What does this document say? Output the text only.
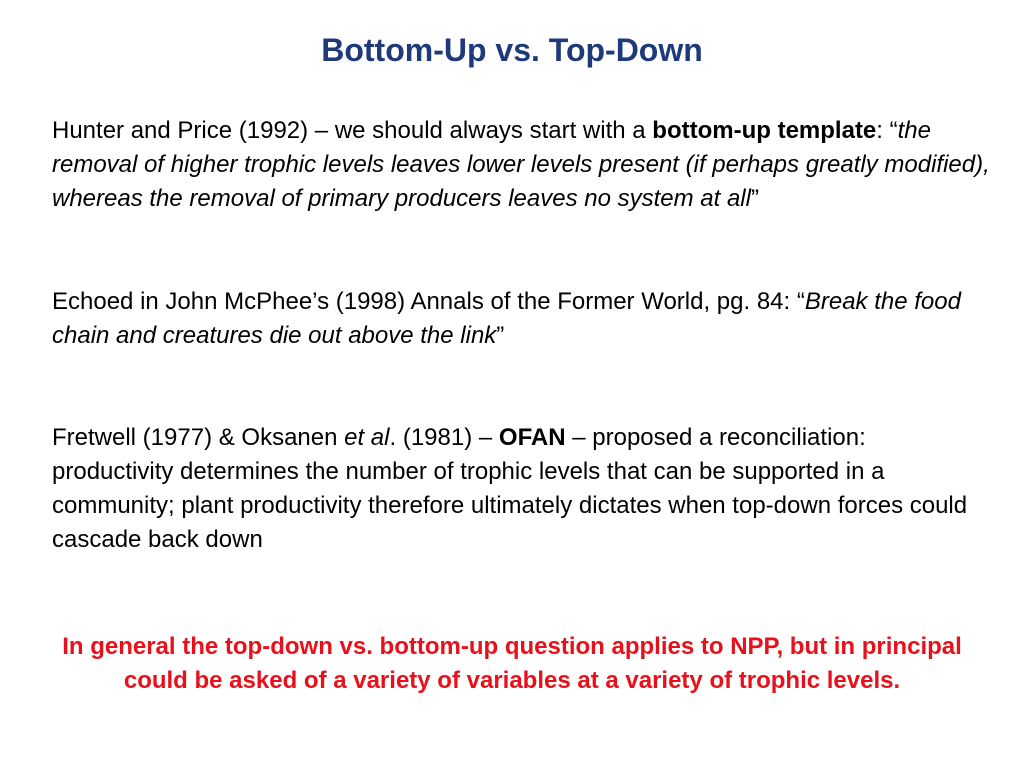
Bottom-Up vs. Top-Down

Hunter and Price (1992) – we should always start with a bottom-up template: “the removal of higher trophic levels leaves lower levels present (if perhaps greatly modified), whereas the removal of primary producers leaves no system at all”

Echoed in John McPhee’s (1998) Annals of the Former World, pg. 84: “Break the food chain and creatures die out above the link”

Fretwell (1977) & Oksanen et al. (1981) – OFAN – proposed a reconciliation: productivity determines the number of trophic levels that can be supported in a community; plant productivity therefore ultimately dictates when top-down forces could cascade back down

In general the top-down vs. bottom-up question applies to NPP, but in principal could be asked of a variety of variables at a variety of trophic levels.
